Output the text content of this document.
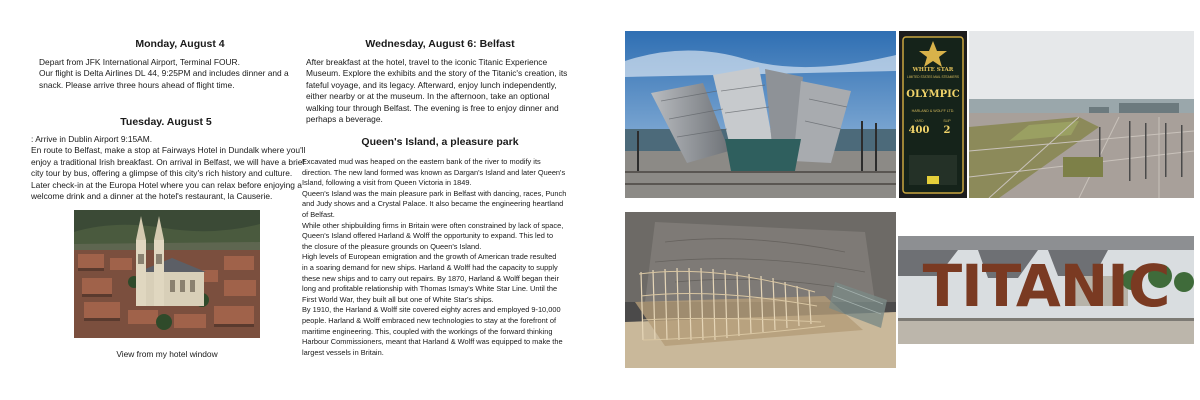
Monday, August 4
Depart from JFK International Airport, Terminal FOUR.
Our flight is Delta Airlines DL 44, 9:25PM and includes dinner and a
snack. Please arrive three hours ahead of flight time.
Tuesday. August 5
: Arrive in Dublin Airport 9:15AM.
En route to Belfast, make a stop at Fairways Hotel in Dundalk where you'll
enjoy a traditional Irish breakfast. On arrival in Belfast, we will have a brief
city tour by bus, offering a glimpse of this city's rich history and culture.
Later check-in at the Europa Hotel where you can relax before enjoying a
welcome drink and a dinner at the hotel's restaurant, la Causerie.
View from my hotel window
Wednesday, August 6: Belfast
After breakfast at the hotel, travel to the iconic Titanic Experience
Museum. Explore the exhibits and the story of the Titanic's creation, its
fateful voyage, and its legacy. Afterward, enjoy lunch independently,
either nearby or at the museum. In the afternoon, take an optional
walking tour through Belfast. The evening is free to enjoy dinner and
perhaps a beverage.
Queen's Island, a pleasure park
Excavated mud was heaped on the eastern bank of the river to modify its
direction. The new land formed was known as Dargan's Island and later Queen's
Island, following a visit from Queen Victoria in 1849.
Queen's Island was the main pleasure park in Belfast with dancing, races, Punch
and Judy shows and a Crystal Palace. It also became the engineering heartland
of Belfast.
While other shipbuilding firms in Britain were often constrained by lack of space,
Queen's Island offered Harland & Wolff the opportunity to expand. This led to
the closure of the pleasure grounds on Queen's Island.
High levels of European emigration and the growth of American trade resulted
in a soaring demand for new ships. Harland & Wolff had the capacity to supply
these new ships and to carry out repairs. By 1870, Harland & Wolff began their
long and profitable relationship with Thomas Ismay's White Star Line. Until the
First World War, they built all but one of White Star's ships.
By 1910, the Harland & Wolff site covered eighty acres and employed 9-10,000
people. Harland & Wolff embraced new technologies to stay at the forefront of
maritime engineering. This, coupled with the workings of the forward thinking
Harbour Commissioners, meant that Harland & Wolff was equipped to make the
largest vessels in Britain.
WHITE STAR
LIMITED STATES MAIL STEAMERS
OLYMPIC
HARLAND & WOLFF LTD.
YARD	SLIP
400	2
TITANIC
